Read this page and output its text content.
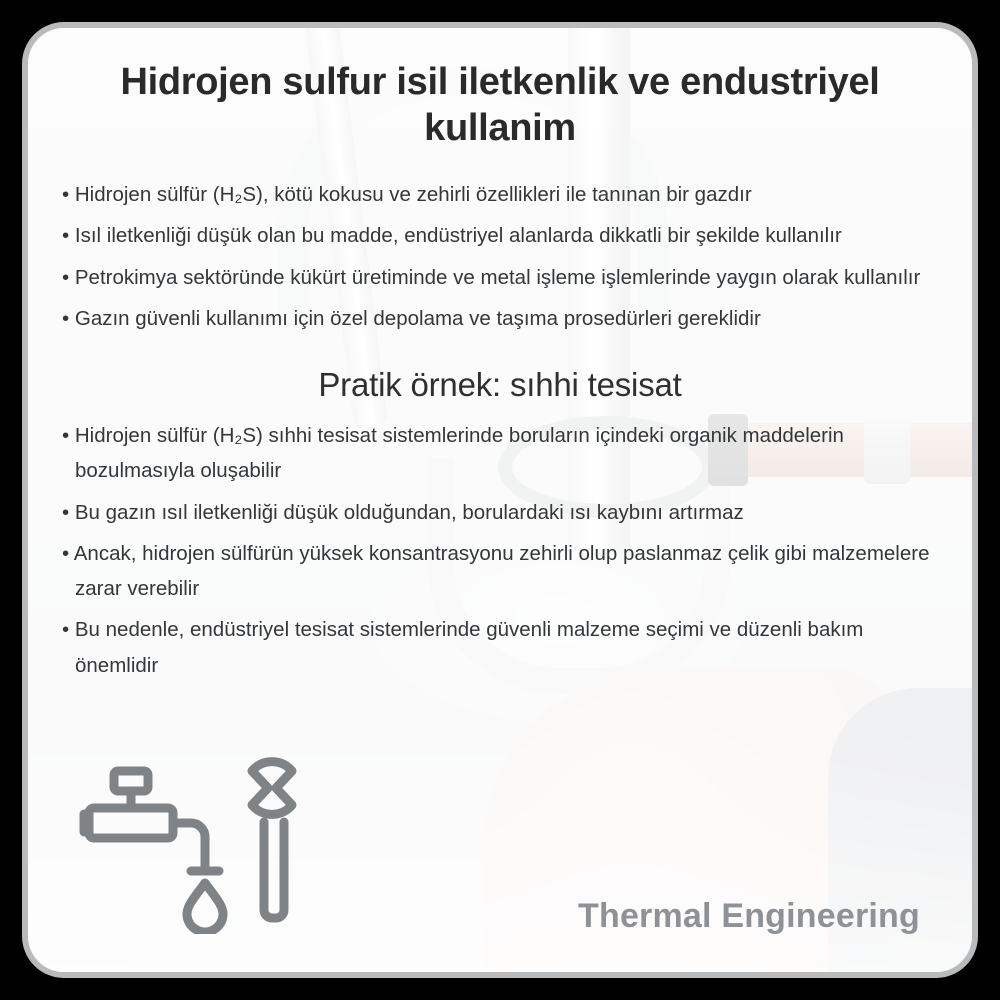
Hidrojen sulfur isil iletkenlik ve endustriyel kullanim
• Hidrojen sülfür (H₂S), kötü kokusu ve zehirli özellikleri ile tanınan bir gazdır
• Isıl iletkenliği düşük olan bu madde, endüstriyel alanlarda dikkatli bir şekilde kullanılır
• Petrokimya sektöründe kükürt üretiminde ve metal işleme işlemlerinde yaygın olarak kullanılır
• Gazın güvenli kullanımı için özel depolama ve taşıma prosedürleri gereklidir
Pratik örnek: sıhhi tesisat
• Hidrojen sülfür (H₂S) sıhhi tesisat sistemlerinde boruların içindeki organik maddelerin bozulmasıyla oluşabilir
• Bu gazın ısıl iletkenliği düşük olduğundan, borulardaki ısı kaybını artırmaz
• Ancak, hidrojen sülfürün yüksek konsantrasyonu zehirli olup paslanmaz çelik gibi malzemelere zarar verebilir
• Bu nedenle, endüstriyel tesisat sistemlerinde güvenli malzeme seçimi ve düzenli bakım önemlidir
Thermal Engineering
